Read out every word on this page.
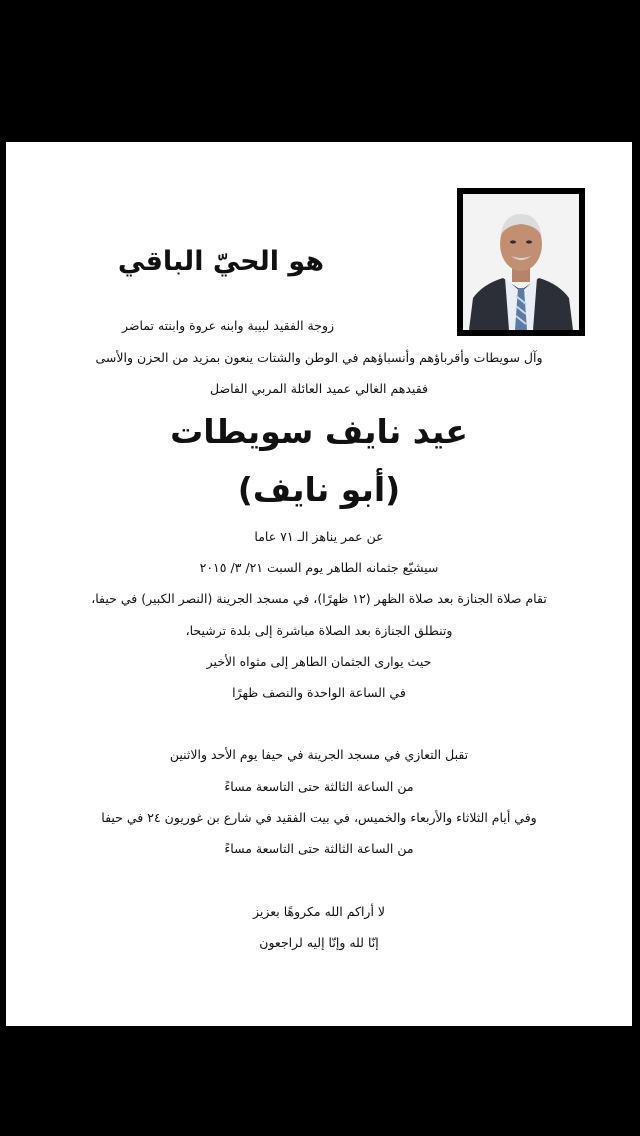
هو الحيّ الباقي
زوجة الفقيد لبيبة وابنه عروة وابنته تماضر
وآل سويطات وأقرباؤهم وأنسباؤهم في الوطن والشتات ينعون بمزيد من الحزن والأسى
فقيدهم الغالي عميد العائلة المربي الفاضل
عيد نايف سويطات
(أبو نايف)
عن عمر يناهز الـ ٧١ عاما
سيشيّع جثمانه الطاهر يوم السبت ٢١/ ٣/ ٢٠١٥
تقام صلاة الجنازة بعد صلاة الظهر (١٢ ظهرًا)، في مسجد الجرينة (النصر الكبير) في حيفا،
وتنطلق الجنازة بعد الصلاة مباشرة إلى بلدة ترشيحا،
حيث يوارى الجثمان الطاهر إلى مثواه الأخير
في الساعة الواحدة والنصف ظهرًا
تقبل التعازي في مسجد الجرينة في حيفا يوم الأحد والاثنين
من الساعة الثالثة حتى التاسعة مساءً
وفي أيام الثلاثاء والأربعاء والخميس، في بيت الفقيد في شارع بن غوريون ٢٤ في حيفا
من الساعة الثالثة حتى التاسعة مساءً
لا أراكم الله مكروهًا بعزيز
إنّا لله وإنّا إليه لراجعون
